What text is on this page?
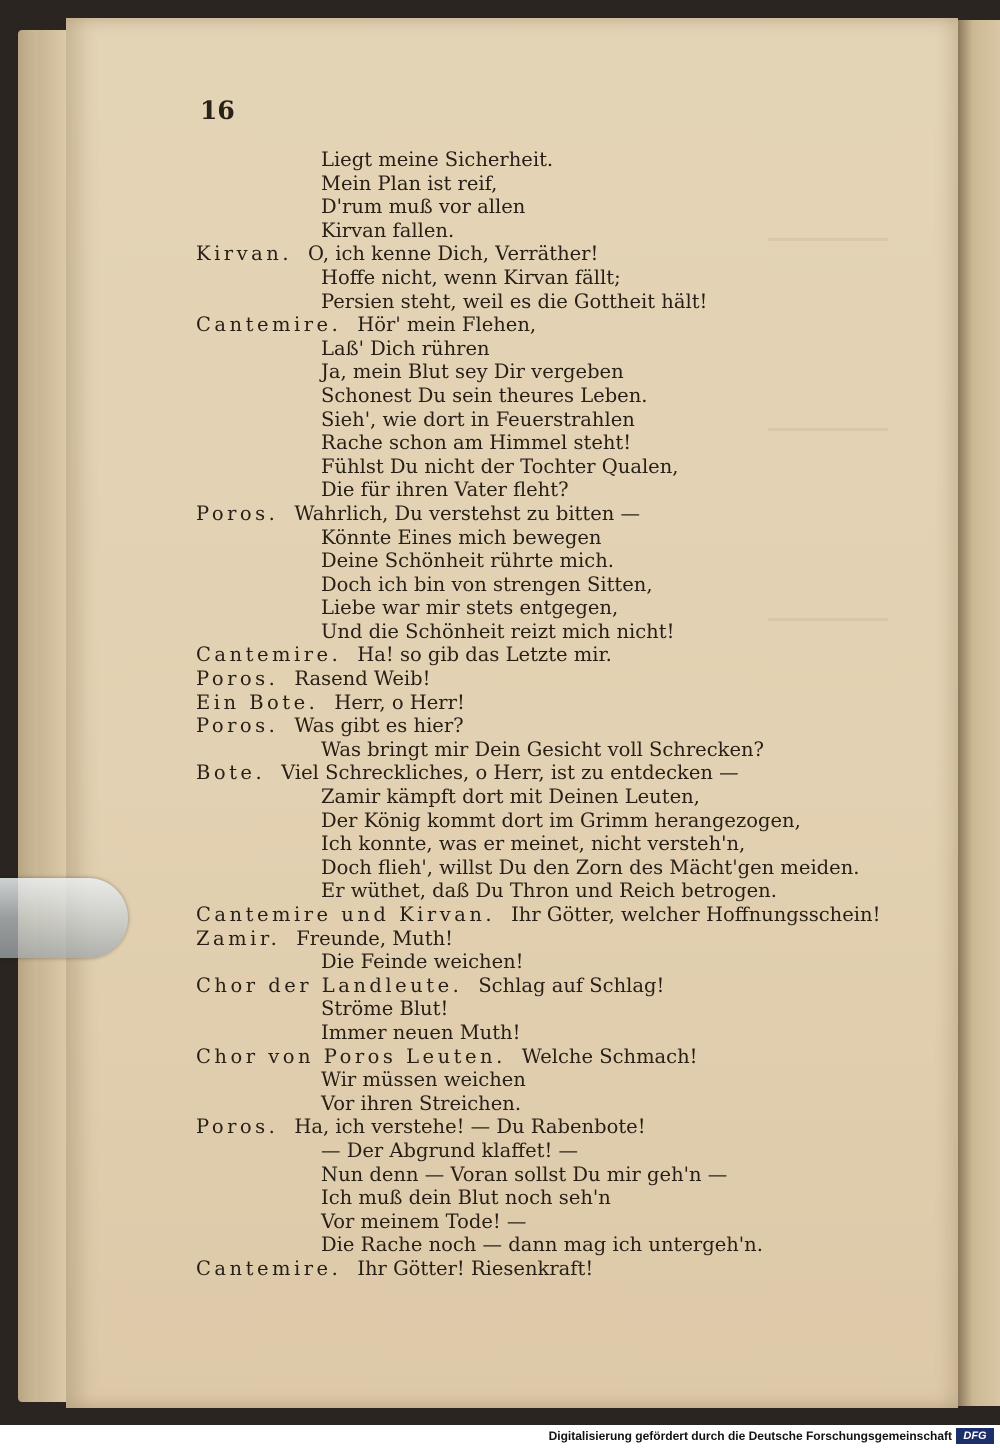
16
Liegt meine Sicherheit.
Mein Plan ist reif,
D'rum muß vor allen
Kirvan fallen.
Kirvan. O, ich kenne Dich, Verräther!
Hoffe nicht, wenn Kirvan fällt;
Persien steht, weil es die Gottheit hält!
Cantemire. Hör' mein Flehen,
Laß' Dich rühren
Ja, mein Blut sey Dir vergeben
Schonest Du sein theures Leben.
Sieh', wie dort in Feuerstrahlen
Rache schon am Himmel steht!
Fühlst Du nicht der Tochter Qualen,
Die für ihren Vater fleht?
Poros. Wahrlich, Du verstehst zu bitten —
Könnte Eines mich bewegen
Deine Schönheit rührte mich.
Doch ich bin von strengen Sitten,
Liebe war mir stets entgegen,
Und die Schönheit reizt mich nicht!
Cantemire. Ha! so gib das Letzte mir.
Poros. Rasend Weib!
Ein Bote. Herr, o Herr!
Poros. Was gibt es hier?
Was bringt mir Dein Gesicht voll Schrecken?
Bote. Viel Schreckliches, o Herr, ist zu entdecken —
Zamir kämpft dort mit Deinen Leuten,
Der König kommt dort im Grimm herangezogen,
Ich konnte, was er meinet, nicht versteh'n,
Doch flieh', willst Du den Zorn des Mächt'gen meiden.
Er wüthet, daß Du Thron und Reich betrogen.
Cantemire und Kirvan. Ihr Götter, welcher Hoffnungsschein!
Zamir. Freunde, Muth!
Die Feinde weichen!
Chor der Landleute. Schlag auf Schlag!
Ströme Blut!
Immer neuen Muth!
Chor von Poros Leuten. Welche Schmach!
Wir müssen weichen
Vor ihren Streichen.
Poros. Ha, ich verstehe! — Du Rabenbote!
— Der Abgrund klaffet! —
Nun denn — Voran sollst Du mir geh'n —
Ich muß dein Blut noch seh'n
Vor meinem Tode! —
Die Rache noch — dann mag ich untergeh'n.
Cantemire. Ihr Götter! Riesenkraft!
Digitalisierung gefördert durch die Deutsche Forschungsgemeinschaft	DFG
